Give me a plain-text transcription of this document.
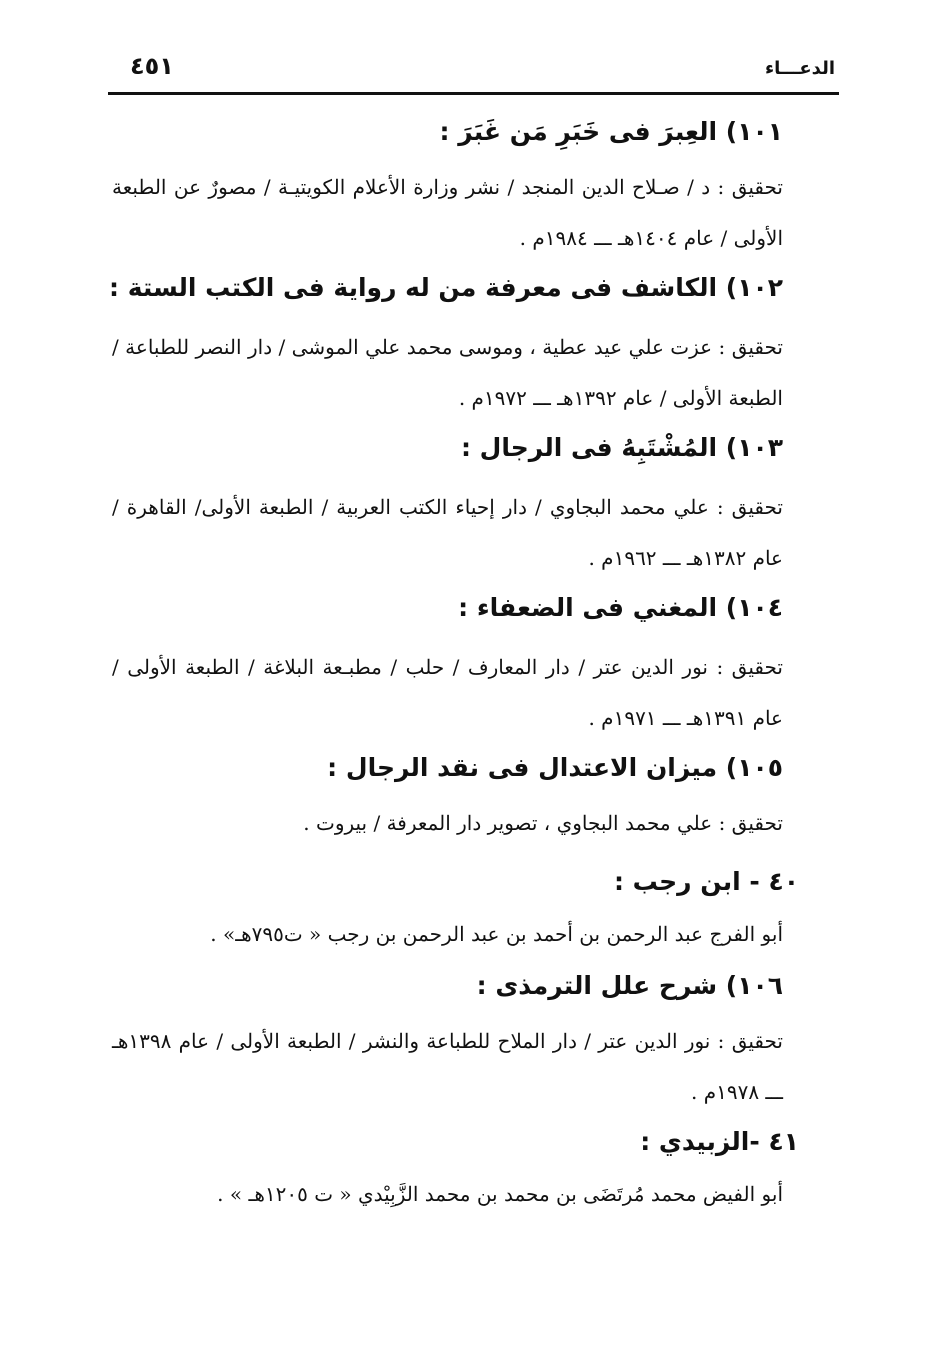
الدعـــاء
٤٥١

١٠١) العِبرَ فى خَبَرِ مَن غَبَرَ :

تحقيق : د / صـلاح الدين المنجد / نشر وزارة الأعلام الكويتيـة / مصورٌ عن الطبعة الأولى / عام ١٤٠٤هـ ـــ ١٩٨٤م .

١٠٢) الكاشف فى معرفة من له رواية فى الكتب الستة :

تحقيق : عزت علي عيد عطية ، وموسى محمد علي الموشى / دار النصر للطباعة / الطبعة الأولى / عام ١٣٩٢هـ ـــ ١٩٧٢م .

١٠٣) المُشْتَبِهُ فى الرجال :

تحقيق : علي محمد البجاوي / دار إحياء الكتب العربية / الطبعة الأولى/ القاهرة / عام ١٣٨٢هـ ـــ ١٩٦٢م .

١٠٤) المغني فى الضعفاء :

تحقيق : نور الدين عتر / دار المعارف / حلب / مطبـعة البلاغة / الطبعة الأولى / عام ١٣٩١هـ ـــ ١٩٧١م .

١٠٥) ميزان الاعتدال فى نقد الرجال :

تحقيق : علي محمد البجاوي ، تصوير دار المعرفة / بيروت .

٤٠ - ابن رجب :

أبو الفرج عبد الرحمن بن أحمد بن عبد الرحمن بن رجب « ت٧٩٥هـ» .

١٠٦) شرح علل الترمذى :

تحقيق : نور الدين عتر / دار الملاح للطباعة والنشر / الطبعة الأولى / عام ١٣٩٨هـ ـــ ١٩٧٨م .

٤١ -الزبيدي :

أبو الفيض محمد مُرتَضَى بن محمد بن محمد الزَّبِيْدي « ت ١٢٠٥هـ » .
